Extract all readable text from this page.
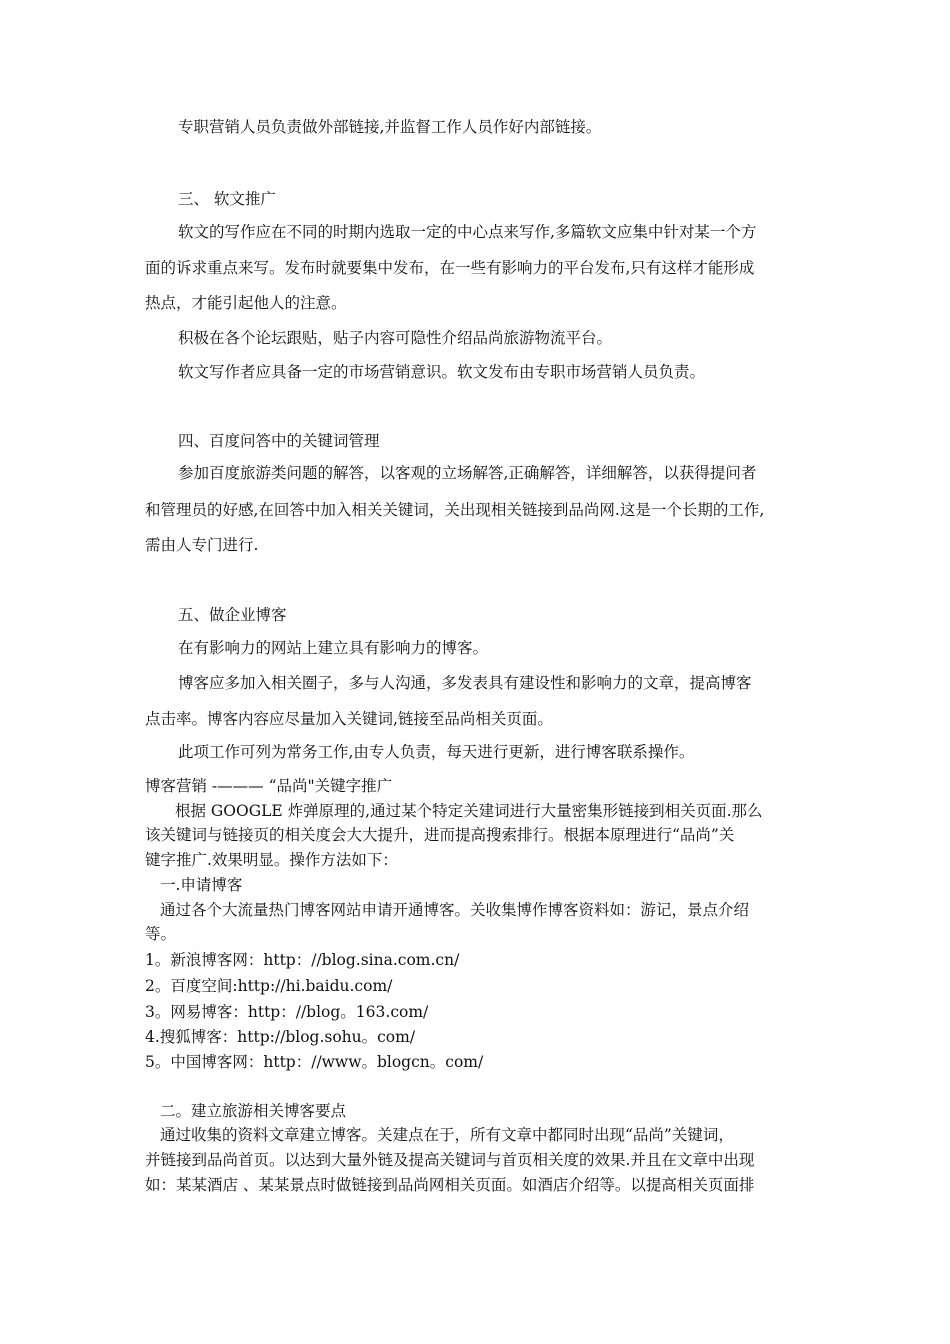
专职营销人员负责做外部链接,并监督工作人员作好内部链接。
三、 软文推广
软文的写作应在不同的时期内选取一定的中心点来写作,多篇软文应集中针对某一个方
面的诉求重点来写。发布时就要集中发布，在一些有影响力的平台发布,只有这样才能形成
热点，才能引起他人的注意。
积极在各个论坛跟贴，贴子内容可隐性介绍品尚旅游物流平台。
软文写作者应具备一定的市场营销意识。软文发布由专职市场营销人员负责。
四、百度问答中的关键词管理
参加百度旅游类问题的解答，以客观的立场解答,正确解答，详细解答，以获得提问者
和管理员的好感,在回答中加入相关关键词，关出现相关链接到品尚网.这是一个长期的工作,
需由人专门进行.
五、做企业博客
在有影响力的网站上建立具有影响力的博客。
博客应多加入相关圈子，多与人沟通，多发表具有建设性和影响力的文章，提高博客
点击率。博客内容应尽量加入关键词,链接至品尚相关页面。
此项工作可列为常务工作,由专人负责，每天进行更新，进行博客联系操作。
博客营销 -——— “品尚"关键字推广
根据 GOOGLE 炸弹原理的,通过某个特定关建词进行大量密集形链接到相关页面.那么
该关键词与链接页的相关度会大大提升，进而提高搜索排行。根据本原理进行“品尚”关
键字推广.效果明显。操作方法如下：
一.申请博客
通过各个大流量热门博客网站申请开通博客。关收集博作博客资料如：游记，景点介绍
等。
1。新浪博客网：http：//blog.sina.com.cn/
2。百度空间:http://hi.baidu.com/
3。网易博客：http：//blog。163.com/
4.搜狐博客：http://blog.sohu。com/
5。中国博客网：http：//www。blogcn。com/
二。建立旅游相关博客要点
通过收集的资料文章建立博客。关建点在于，所有文章中都同时出现“品尚”关键词，
并链接到品尚首页。以达到大量外链及提高关键词与首页相关度的效果.并且在文章中出现
如：某某酒店 、某某景点时做链接到品尚网相关页面。如酒店介绍等。以提高相关页面排
